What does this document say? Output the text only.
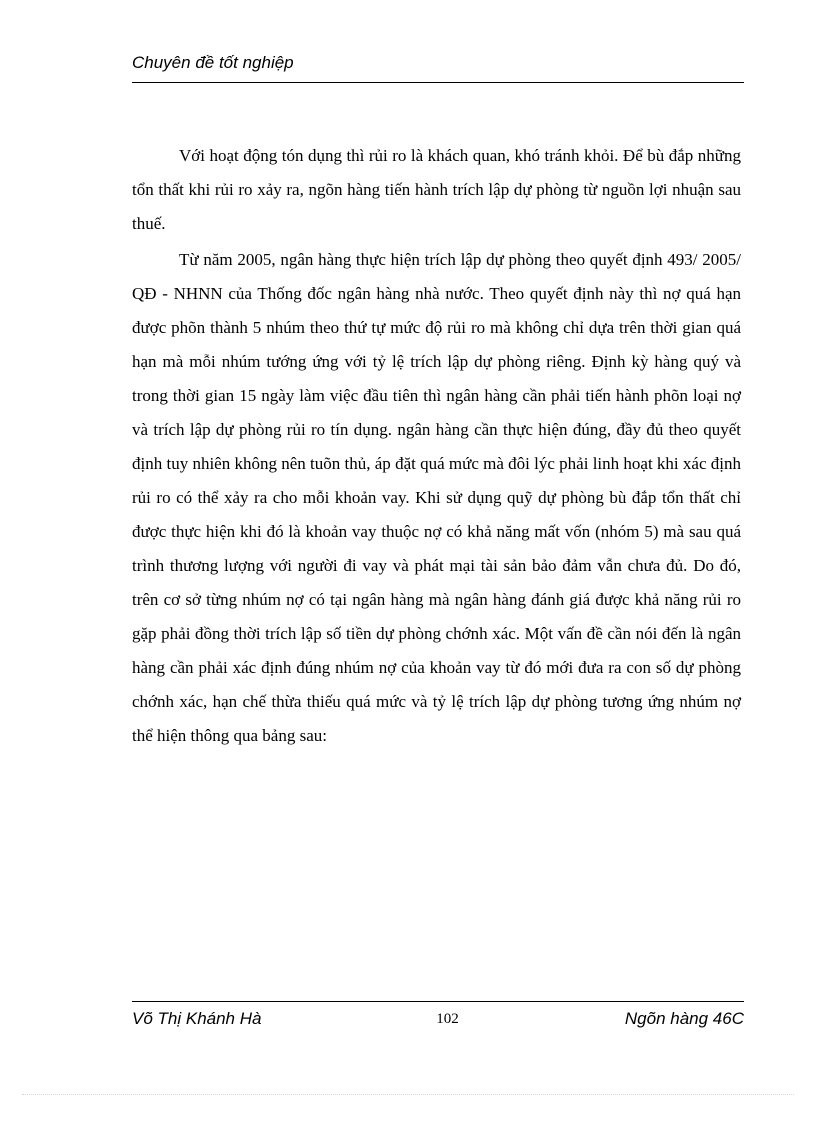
Chuyên đề tốt nghiệp

Với hoạt động tón dụng thì rủi ro là khách quan, khó tránh khỏi. Để bù đắp những tổn thất khi rủi ro xảy ra, ngõn hàng tiến hành trích lập dự phòng từ nguồn lợi nhuận sau thuế.

Từ năm 2005, ngân hàng thực hiện trích lập dự phòng theo quyết định 493/ 2005/ QĐ - NHNN của Thống đốc ngân hàng nhà nước. Theo quyết định này thì nợ quá hạn được phõn thành 5 nhúm theo thứ tự mức độ rủi ro mà không chỉ dựa trên thời gian quá hạn mà mỗi nhúm tướng ứng với tỷ lệ trích lập dự phòng riêng. Định kỳ hàng quý và trong thời gian 15 ngày làm việc đầu tiên thì ngân hàng cần phải tiến hành phõn loại nợ và trích lập dự phòng rủi ro tín dụng. ngân hàng cần thực hiện đúng, đầy đủ theo quyết định tuy nhiên không nên tuõn thủ, áp đặt quá mức mà đôi lýc phải linh hoạt khi xác định rủi ro có thể xảy ra cho mỗi khoản vay. Khi sử dụng quỹ dự phòng bù đắp tổn thất chỉ được thực hiện khi đó là khoản vay thuộc nợ có khả năng mất vốn (nhóm 5) mà sau quá trình thương lượng với người đi vay và phát mại tài sản bảo đảm vẫn chưa đủ. Do đó, trên cơ sở từng nhúm nợ có tại ngân hàng mà ngân hàng đánh giá được khả năng rủi ro gặp phải đồng thời trích lập số tiền dự phòng chớnh xác. Một vấn đề cần nói đến là ngân hàng cần phải xác định đúng nhúm nợ của khoản vay từ đó mới đưa ra con số dự phòng chớnh xác, hạn chế thừa thiếu quá mức và tỷ lệ trích lập dự phòng tương ứng nhúm nợ thể hiện thông qua bảng sau:

Võ Thị Khánh Hà	102	Ngõn hàng 46C
